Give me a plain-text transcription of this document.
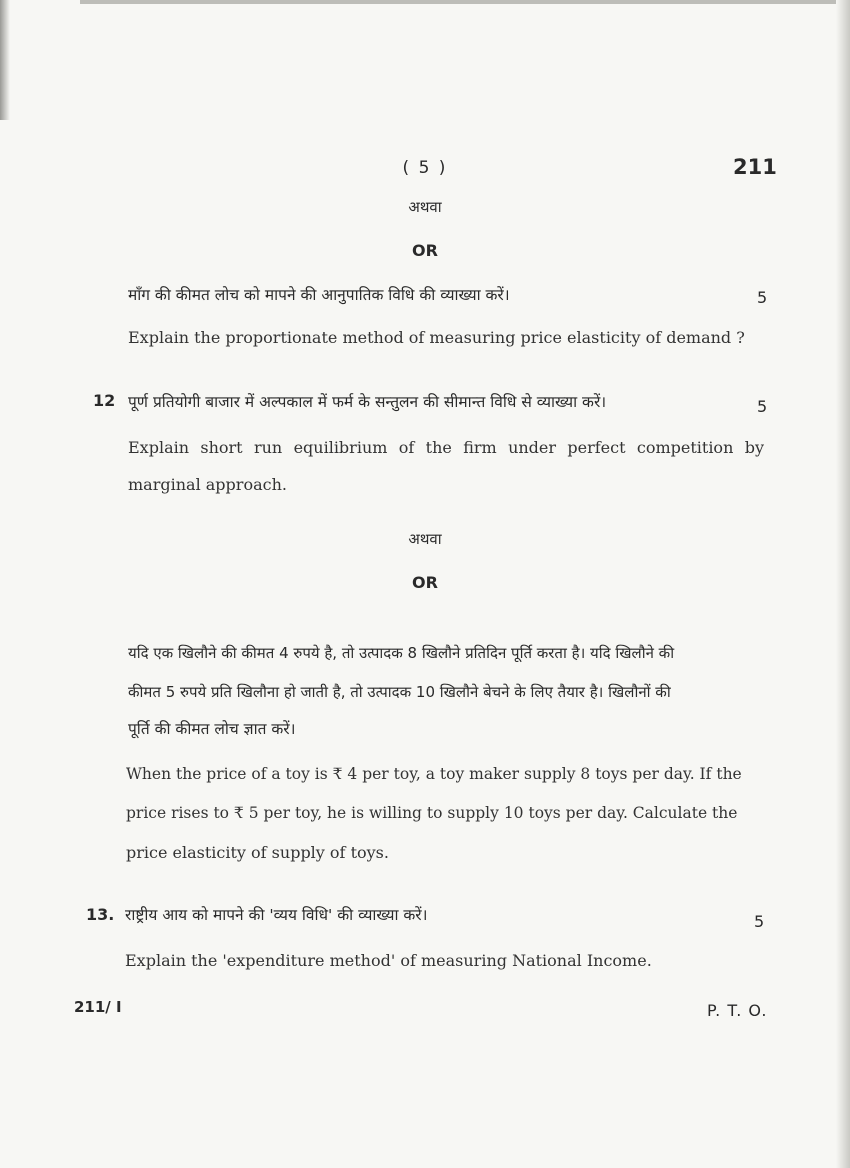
( 5 )	211
अथवा
OR
माँग की कीमत लोच को मापने की आनुपातिक विधि की व्याख्या करें।	5
Explain the proportionate method of measuring price elasticity of demand ?
12 पूर्ण प्रतियोगी बाजार में अल्पकाल में फर्म के सन्तुलन की सीमान्त विधि से व्याख्या करें।	5
Explain short run equilibrium of the firm under perfect competition by
marginal approach.
अथवा
OR
यदि एक खिलौने की कीमत 4 रुपये है, तो उत्पादक 8 खिलौने प्रतिदिन पूर्ति करता है। यदि खिलौने की
कीमत 5 रुपये प्रति खिलौना हो जाती है, तो उत्पादक 10 खिलौने बेचने के लिए तैयार है। खिलौनों की
पूर्ति की कीमत लोच ज्ञात करें।
When the price of a toy is ₹ 4 per toy, a toy maker supply 8 toys per day. If the
price rises to ₹ 5 per toy, he is willing to supply 10 toys per day. Calculate the
price elasticity of supply of toys.
13. राष्ट्रीय आय को मापने की 'व्यय विधि' की व्याख्या करें।	5
Explain the 'expenditure method' of measuring National Income.
211/ I	P. T. O.
